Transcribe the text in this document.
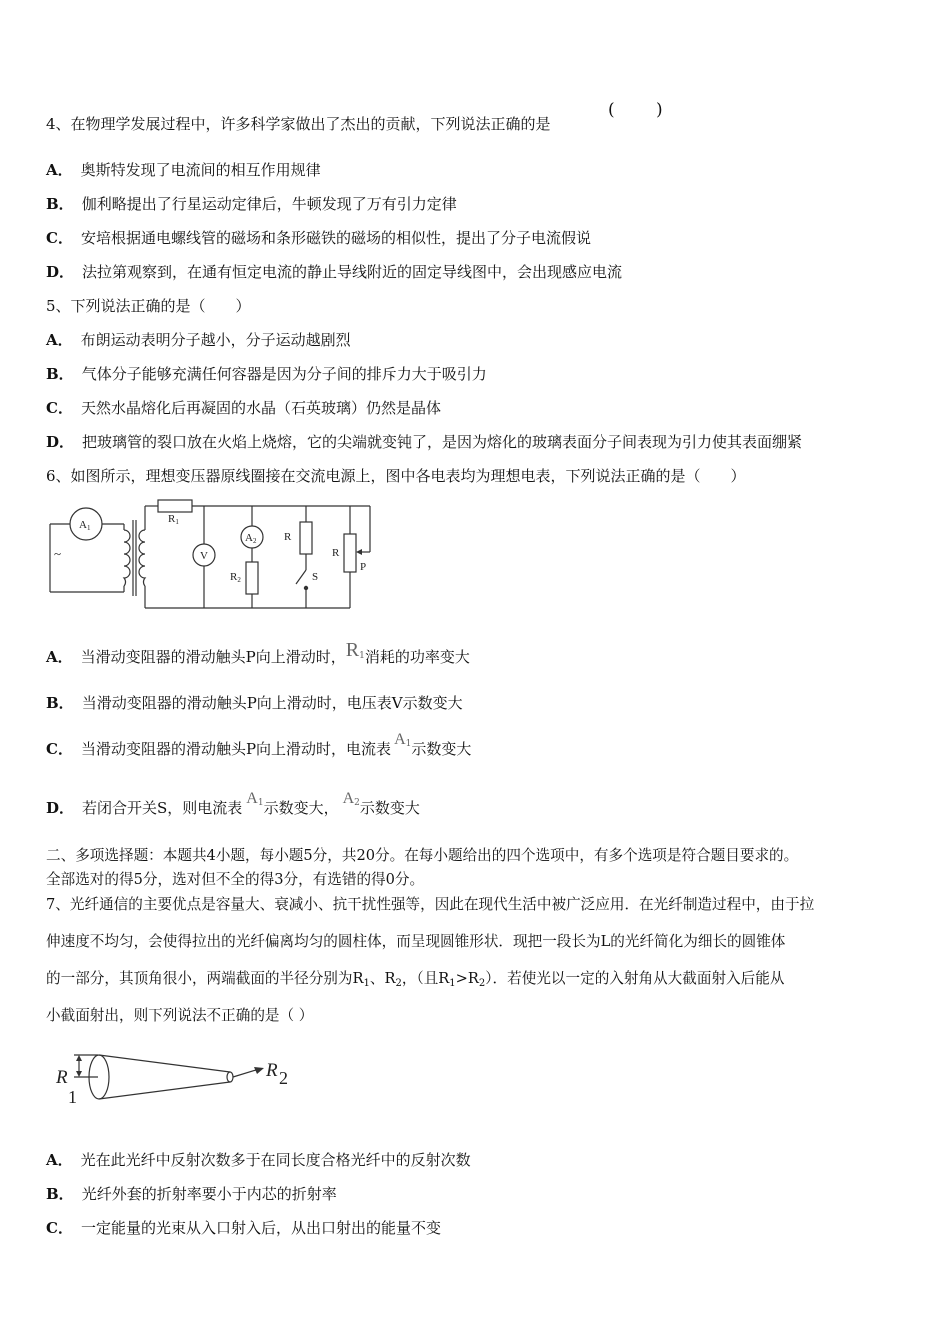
4、在物理学发展过程中，许多科学家做出了杰出的贡献，下列说法正确的是
( )
A． 奥斯特发现了电流间的相互作用规律
B． 伽利略提出了行星运动定律后，牛顿发现了万有引力定律
C． 安培根据通电螺线管的磁场和条形磁铁的磁场的相似性，提出了分子电流假说
D． 法拉第观察到，在通有恒定电流的静止导线附近的固定导线图中，会出现感应电流
5、下列说法正确的是（　　）
A． 布朗运动表明分子越小，分子运动越剧烈
B． 气体分子能够充满任何容器是因为分子间的排斥力大于吸引力
C． 天然水晶熔化后再凝固的水晶（石英玻璃）仍然是晶体
D． 把玻璃管的裂口放在火焰上烧熔，它的尖端就变钝了，是因为熔化的玻璃表面分子间表现为引力使其表面绷紧
6、如图所示，理想变压器原线圈接在交流电源上，图中各电表均为理想电表，下列说法正确的是（　　）
~
A1
R1
V
A2
R2
R
R
S
P
A． 当滑动变阻器的滑动触头P向上滑动时，$R^1$消耗的功率变大
B． 当滑动变阻器的滑动触头P向上滑动时，电压表V示数变大
C． 当滑动变阻器的滑动触头P向上滑动时，电流表$A^1$示数变大
D． 若闭合开关S，则电流表$A^1$示数变大，$A^2$示数变大
二、多项选择题：本题共4小题，每小题5分，共20分。在每小题给出的四个选项中，有多个选项是符合题目要求的。
全部选对的得5分，选对但不全的得3分，有选错的得0分。
7、光纤通信的主要优点是容量大、衰减小、抗干扰性强等，因此在现代生活中被广泛应用．在光纤制造过程中，由于拉
伸速度不均匀，会使得拉出的光纤偏离均匀的圆柱体，而呈现圆锥形状．现把一段长为L的光纤简化为细长的圆锥体
的一部分，其顶角很小，两端截面的半径分别为$R_1$、$R_2$，（且$R_1>R_2$）．若使光以一定的入射角从大截面射入后能从
小截面射出，则下列说法不正确的是（ ）
R
1
R 2
A． 光在此光纤中反射次数多于在同长度合格光纤中的反射次数
B． 光纤外套的折射率要小于内芯的折射率
C． 一定能量的光束从入口射入后，从出口射出的能量不变
